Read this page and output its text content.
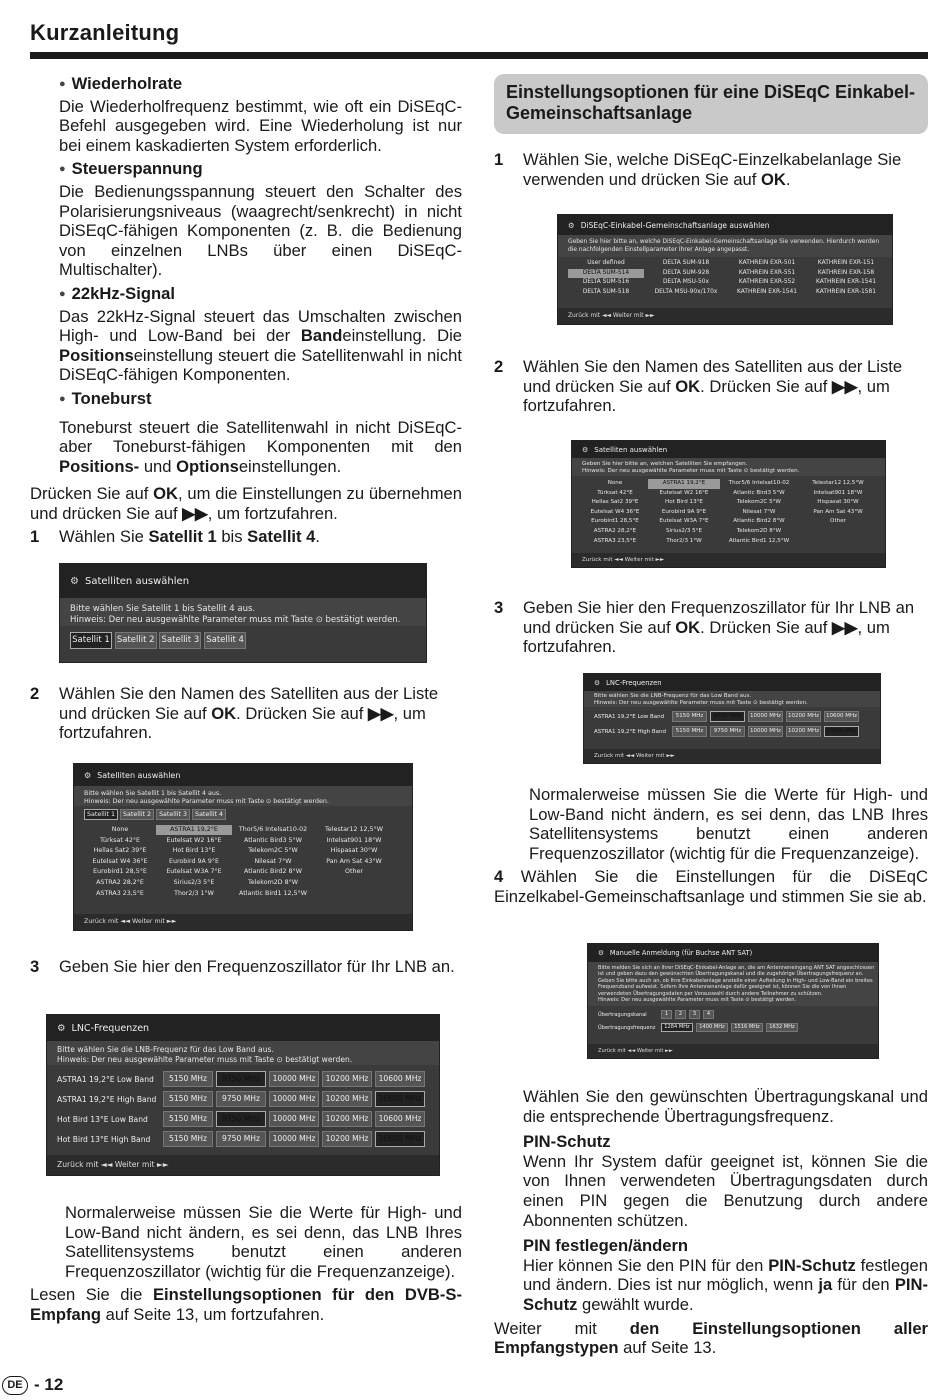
Kurzanleitung
● Wiederholrate

Die Wiederholfrequenz bestimmt, wie oft ein DiSEqC-Befehl ausgegeben wird. Eine Wiederholung ist nur bei einem kaskadierten System erforderlich.

● Steuerspannung

Die Bedienungsspannung steuert den Schalter des Polarisierungsniveaus (waagrecht/senkrecht) in nicht DiSEqC-fähigen Komponenten (z. B. die Bedienung von einzelnen LNBs über einen DiSEqC-Multischalter).

● 22kHz-Signal

Das 22kHz-Signal steuert das Umschalten zwischen High- und Low-Band bei der Bandeinstellung. Die Positionseinstellung steuert die Satellitenwahl in nicht DiSEqC-fähigen Komponenten.

● Toneburst

Toneburst steuert die Satellitenwahl in nicht DiSEqC- aber Toneburst-fähigen Komponenten mit den Positions- und Optionseinstellungen.

Drücken Sie auf OK, um die Einstellungen zu übernehmen und drücken Sie auf ▶▶, um fortzufahren.

1 Wählen Sie Satellit 1 bis Satellit 4.
⚙ Satelliten auswählen
Bitte wählen Sie Satellit 1 bis Satellit 4 aus.
Hinweis: Der neu ausgewählte Parameter muss mit Taste ⊙ bestätigt werden.
Satellit 1 Satellit 2 Satellit 3 Satellit 4
2 Wählen Sie den Namen des Satelliten aus der Liste und drücken Sie auf OK. Drücken Sie auf ▶▶, um fortzufahren.
⚙ Satelliten auswählen
Bitte wählen Sie Satellit 1 bis Satellit 4 aus.
Hinweis: Der neu ausgewählte Parameter muss mit Taste ⊙ bestätigt werden.
Satellit 1 Satellit 2 Satellit 3 Satellit 4
None	ASTRA1 19,2°E	Thor5/6 Intelsat10-02	Telestar12 12,5°W
Türksat 42°E	Eutelsat W2 16°E	Atlantic Bird3 5°W	Intelsat901 18°W
Hellas Sat2 39°E	Hot Bird 13°E	Telekom2C 5°W	Hispasat 30°W
Eutelsat W4 36°E	Eurobird 9A 9°E	Nilesat 7°W	Pan Am Sat 43°W
Eurobird1 28,5°E	Eutelsat W3A 7°E	Atlantic Bird2 8°W	Other
ASTRA2 28,2°E	Sirius2/3 5°E	Telekom2D 8°W
ASTRA3 23,5°E	Thor2/3 1°W	Atlantic Bird1 12,5°W
Zurück mit ◄◄ Weiter mit ►►
3 Geben Sie hier den Frequenzoszillator für Ihr LNB an.
⚙ LNC-Frequenzen
Bitte wählen Sie die LNB-Frequenz für das Low Band aus.
Hinweis: Der neu ausgewählte Parameter muss mit Taste ⊙ bestätigt werden.
ASTRA1 19,2°E Low Band	5150 MHz	9750 MHz	10000 MHz	10200 MHz	10600 MHz
ASTRA1 19,2°E High Band	5150 MHz	9750 MHz	10000 MHz	10200 MHz	10600 MHz
Hot Bird 13°E Low Band	5150 MHz	9750 MHz	10000 MHz	10200 MHz	10600 MHz
Hot Bird 13°E High Band	5150 MHz	9750 MHz	10000 MHz	10200 MHz	10600 MHz
Zurück mit ◄◄ Weiter mit ►►

Normalerweise müssen Sie die Werte für High- und Low-Band nicht ändern, es sei denn, das LNB Ihres Satellitensystems benutzt einen anderen Frequenzoszillator (wichtig für die Frequenzanzeige).

Lesen Sie die Einstellungsoptionen für den DVB-S-Empfang auf Seite 13, um fortzufahren.

Einstellungsoptionen für eine DiSEqC Einkabel-Gemeinschaftsanlage
1 Wählen Sie, welche DiSEqC-Einzelkabelanlage Sie verwenden und drücken Sie auf OK.
⚙ DiSEqC-Einkabel-Gemeinschaftsanlage auswählen
Geben Sie hier bitte an, welche DiSEqC-Einkabel-Gemeinschaftsanlage Sie verwenden. Hierdurch werden
die nachfolgenden Einstellparameter Ihrer Anlage angepasst.
User defined	DELTA SUM-918	KATHREIN EXR-501	KATHREIN EXR-151
DELTA SUM-514	DELTA SUM-928	KATHREIN EXR-551	KATHREIN EXR-158
DELTA SUM-516	DELTA MSU-50x	KATHREIN EXR-552	KATHREIN EXR-1541
DELTA SUM-518	DELTA MSU-90x/170x	KATHREIN EXR-1541	KATHREIN EXR-1581
Zurück mit ◄◄ Weiter mit ►►
2 Wählen Sie den Namen des Satelliten aus der Liste und drücken Sie auf OK. Drücken Sie auf ▶▶, um fortzufahren.
⚙ Satelliten auswählen
Geben Sie hier bitte an, welchen Satelliten Sie empfangen.
Hinweis: Der neu ausgewählte Parameter muss mit Taste ⊙ bestätigt werden.
None	ASTRA1 19,2°E	Thor5/6 Intelsat10-02	Telestar12 12,5°W
Türksat 42°E	Eutelsat W2 16°E	Atlantic Bird3 5°W	Intelsat901 18°W
Hellas Sat2 39°E	Hot Bird 13°E	Telekom2C 5°W	Hispasat 30°W
Eutelsat W4 36°E	Eurobird 9A 9°E	Nilesat 7°W	Pan Am Sat 43°W
Eurobird1 28,5°E	Eutelsat W3A 7°E	Atlantic Bird2 8°W	Other
ASTRA2 28,2°E	Sirius2/3 5°E	Telekom2D 8°W
ASTRA3 23,5°E	Thor2/3 1°W	Atlantic Bird1 12,5°W
Zurück mit ◄◄ Weiter mit ►►
3 Geben Sie hier den Frequenzoszillator für Ihr LNB an und drücken Sie auf OK. Drücken Sie auf ▶▶, um fortzufahren.
⚙ LNC-Frequenzen
Bitte wählen Sie die LNB-Frequenz für das Low Band aus.
Hinweis: Der neu ausgewählte Parameter muss mit Taste ⊙ bestätigt werden.
ASTRA1 19,2°E Low Band	5150 MHz	9750 MHz	10000 MHz	10200 MHz	10600 MHz
ASTRA1 19,2°E High Band	5150 MHz	9750 MHz	10000 MHz	10200 MHz	10600 MHz
Zurück mit ◄◄ Weiter mit ►►

Normalerweise müssen Sie die Werte für High- und Low-Band nicht ändern, es sei denn, das LNB Ihres Satellitensystems benutzt einen anderen Frequenzoszillator (wichtig für die Frequenzanzeige).

4 Wählen Sie die Einstellungen für die DiSEqC Einzelkabel-Gemeinschaftsanlage und stimmen Sie sie ab.
⚙ Manuelle Anmeldung (für Buchse ANT SAT)
Bitte melden Sie sich an Ihrer DiSEqC-Einkabel-Anlage an, die am Antenneneingang ANT SAT angeschlossen
ist und geben dazu den gewünschten Übertragungskanal und die zugehörige Übertragungsfrequenz an.
Geben Sie bitte auch an, ob Ihre Einkabelanlage anstelle einer Aufteilung in High- und Low-Band ein breites
Frequenzband aufweist. Sofern Ihre Antennenanlage dafür geeignet ist, können Sie die von Ihnen
verwendeten Übertragungsdaten per Vorauswahl durch andere Teilnehmer zu schützen.
Hinweis: Der neu ausgewählte Parameter muss mit Taste ⊙ bestätigt werden.
Übertragungskanal	1	2	3	4
Übertragungsfrequenz	1284 MHz	1400 MHz	1516 MHz	1632 MHz
Zurück mit ◄◄ Weiter mit ►►

Wählen Sie den gewünschten Übertragungskanal und die entsprechende Übertragungsfrequenz.

PIN-Schutz

Wenn Ihr System dafür geeignet ist, können Sie die von Ihnen verwendeten Übertragungsdaten durch einen PIN gegen die Benutzung durch andere Abonnenten schützen.

PIN festlegen/ändern

Hier können Sie den PIN für den PIN-Schutz festlegen und ändern. Dies ist nur möglich, wenn ja für den PIN-Schutz gewählt wurde.

Weiter mit den Einstellungsoptionen aller Empfangstypen auf Seite 13.

DE - 12
